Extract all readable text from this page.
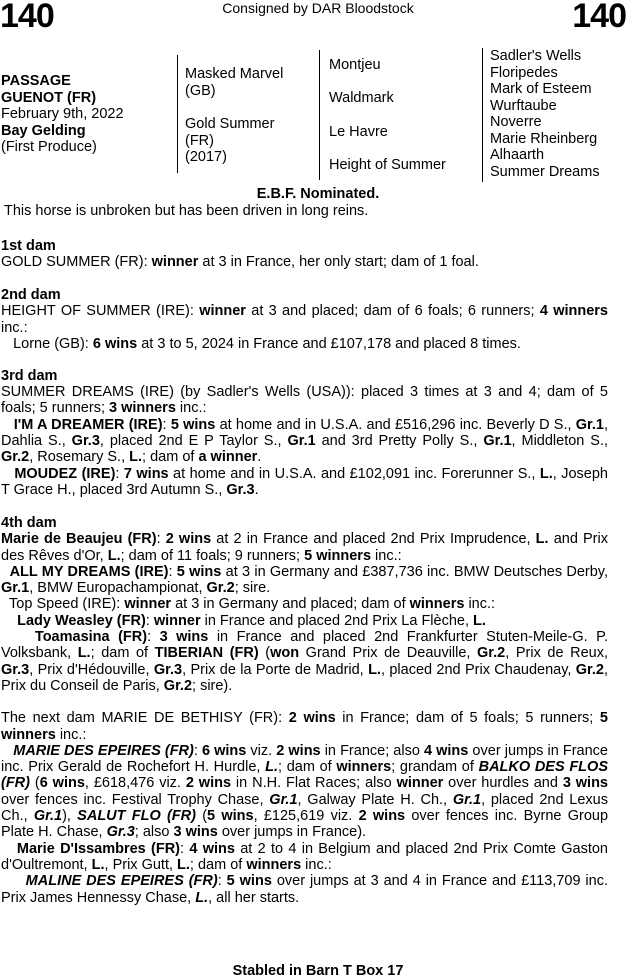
140	Consigned by DAR Bloodstock	140
PASSAGE
GUENOT (FR)
February 9th, 2022
Bay Gelding
(First Produce)
Masked Marvel
(GB)
Gold Summer
(FR)
(2017)
Montjeu
Waldmark
Le Havre
Height of Summer
Sadler's Wells
Floripedes
Mark of Esteem
Wurftaube
Noverre
Marie Rheinberg
Alhaarth
Summer Dreams
E.B.F. Nominated.
This horse is unbroken but has been driven in long reins.
1st dam
GOLD SUMMER (FR): winner at 3 in France, her only start; dam of 1 foal.
2nd dam
HEIGHT OF SUMMER (IRE): winner at 3 and placed; dam of 6 foals; 6 runners; 4 winners inc.:
Lorne (GB): 6 wins at 3 to 5, 2024 in France and £107,178 and placed 8 times.
3rd dam
SUMMER DREAMS (IRE) (by Sadler's Wells (USA)): placed 3 times at 3 and 4; dam of 5 foals; 5 runners; 3 winners inc.:
I'M A DREAMER (IRE): 5 wins at home and in U.S.A. and £516,296 inc. Beverly D S., Gr.1, Dahlia S., Gr.3, placed 2nd E P Taylor S., Gr.1 and 3rd Pretty Polly S., Gr.1, Middleton S., Gr.2, Rosemary S., L.; dam of a winner.
MOUDEZ (IRE): 7 wins at home and in U.S.A. and £102,091 inc. Forerunner S., L., Joseph T Grace H., placed 3rd Autumn S., Gr.3.
4th dam
Marie de Beaujeu (FR): 2 wins at 2 in France and placed 2nd Prix Imprudence, L. and Prix des Rêves d'Or, L.; dam of 11 foals; 9 runners; 5 winners inc.:
ALL MY DREAMS (IRE): 5 wins at 3 in Germany and £387,736 inc. BMW Deutsches Derby, Gr.1, BMW Europachampionat, Gr.2; sire.
Top Speed (IRE): winner at 3 in Germany and placed; dam of winners inc.:
Lady Weasley (FR): winner in France and placed 2nd Prix La Flèche, L.
Toamasina (FR): 3 wins in France and placed 2nd Frankfurter Stuten-Meile-G. P. Volksbank, L.; dam of TIBERIAN (FR) (won Grand Prix de Deauville, Gr.2, Prix de Reux, Gr.3, Prix d'Hédouville, Gr.3, Prix de la Porte de Madrid, L., placed 2nd Prix Chaudenay, Gr.2, Prix du Conseil de Paris, Gr.2; sire).
The next dam MARIE DE BETHISY (FR): 2 wins in France; dam of 5 foals; 5 runners; 5 winners inc.:
MARIE DES EPEIRES (FR): 6 wins viz. 2 wins in France; also 4 wins over jumps in France inc. Prix Gerald de Rochefort H. Hurdle, L.; dam of winners; grandam of BALKO DES FLOS (FR) (6 wins, £618,476 viz. 2 wins in N.H. Flat Races; also winner over hurdles and 3 wins over fences inc. Festival Trophy Chase, Gr.1, Galway Plate H. Ch., Gr.1, placed 2nd Lexus Ch., Gr.1), SALUT FLO (FR) (5 wins, £125,619 viz. 2 wins over fences inc. Byrne Group Plate H. Chase, Gr.3; also 3 wins over jumps in France).
Marie D'Issambres (FR): 4 wins at 2 to 4 in Belgium and placed 2nd Prix Comte Gaston d'Oultremont, L., Prix Gutt, L.; dam of winners inc.:
MALINE DES EPEIRES (FR): 5 wins over jumps at 3 and 4 in France and £113,709 inc. Prix James Hennessy Chase, L., all her starts.
Stabled in Barn T Box 17
